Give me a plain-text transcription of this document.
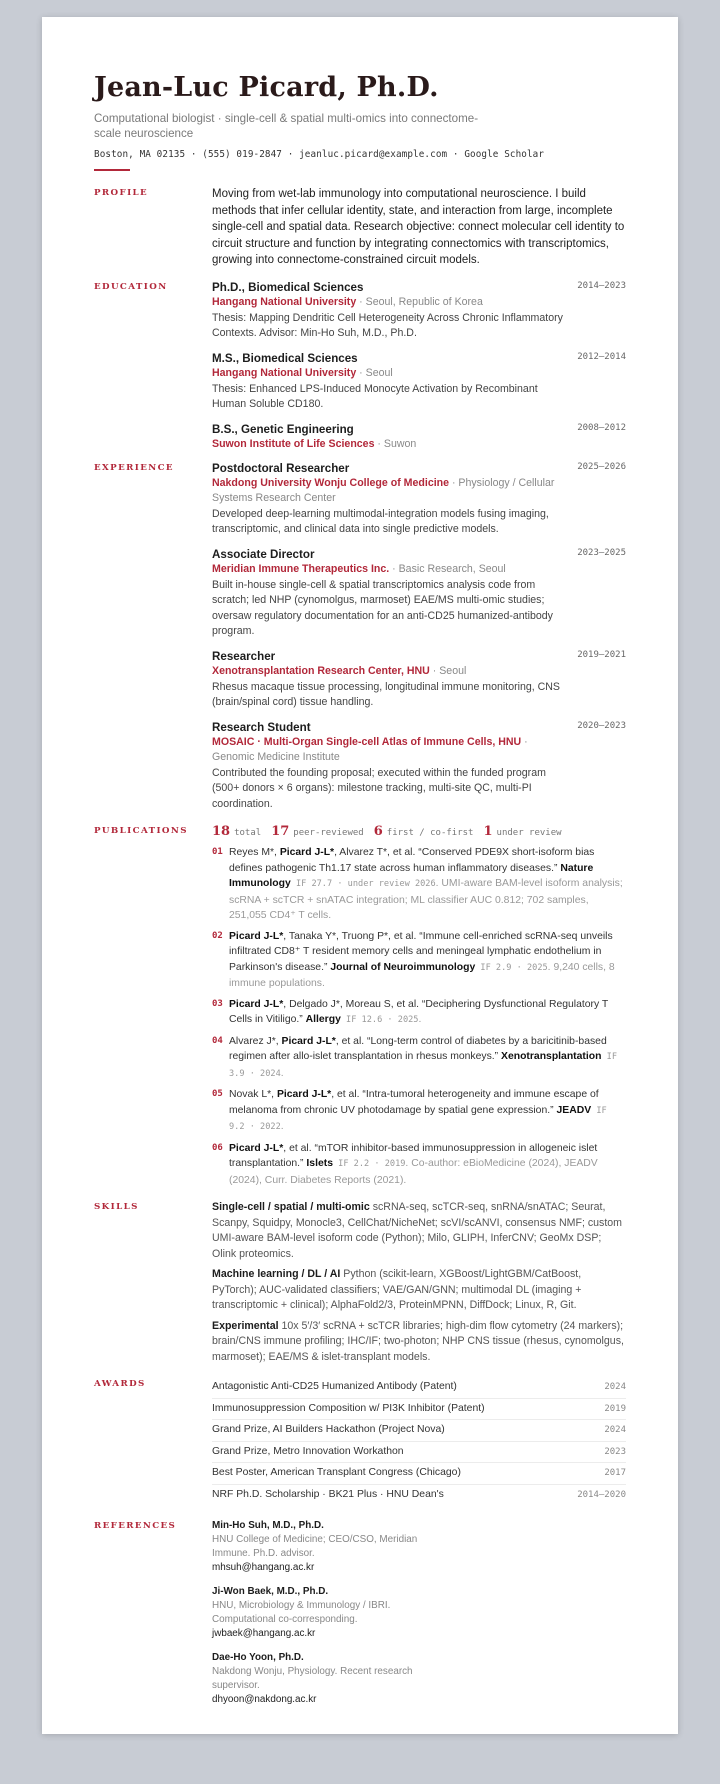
Jean-Luc Picard, Ph.D.
Computational biologist · single-cell & spatial multi-omics into connectome-scale neuroscience
Boston, MA 02135 · (555) 019-2847 · jeanluc.picard@example.com · Google Scholar
PROFILE	Moving from wet-lab immunology into computational neuroscience. I build methods that infer cellular identity, state, and interaction from large, incomplete single-cell and spatial data. Research objective: connect molecular cell identity to circuit structure and function by integrating connectomics with transcriptomics, growing into connectome-constrained circuit models.

EDUCATION	Ph.D., Biomedical Sciences	2014–2023
Hangang National University · Seoul, Republic of Korea
Thesis: Mapping Dendritic Cell Heterogeneity Across Chronic Inflammatory Contexts. Advisor: Min-Ho Suh, M.D., Ph.D.
M.S., Biomedical Sciences	2012–2014
Hangang National University · Seoul
Thesis: Enhanced LPS-Induced Monocyte Activation by Recombinant Human Soluble CD180.
B.S., Genetic Engineering	2008–2012
Suwon Institute of Life Sciences · Suwon
EXPERIENCE	Postdoctoral Researcher	2025–2026
Nakdong University Wonju College of Medicine · Physiology / Cellular Systems Research Center
Developed deep-learning multimodal-integration models fusing imaging, transcriptomic, and clinical data into single predictive models.
Associate Director	2023–2025
Meridian Immune Therapeutics Inc. · Basic Research, Seoul
Built in-house single-cell & spatial transcriptomics analysis code from scratch; led NHP (cynomolgus, marmoset) EAE/MS multi-omic studies; oversaw regulatory documentation for an anti-CD25 humanized-antibody program.
Researcher	2019–2021
Xenotransplantation Research Center, HNU · Seoul
Rhesus macaque tissue processing, longitudinal immune monitoring, CNS (brain/spinal cord) tissue handling.
Research Student	2020–2023
MOSAIC · Multi-Organ Single-cell Atlas of Immune Cells, HNU · Genomic Medicine Institute
Contributed the founding proposal; executed within the funded program (500+ donors × 6 organs): milestone tracking, multi-site QC, multi-PI coordination.
PUBLICATIONS 18 total 17 peer-reviewed 6 first / co-first 1 under review
01 Reyes M*, Picard J-L*, Alvarez T*, et al. “Conserved PDE9X short-isoform bias defines pathogenic Th1.17 state across human inflammatory diseases.” Nature Immunology IF 27.7 · under review 2026. UMI-aware BAM-level isoform analysis; scRNA + scTCR + snATAC integration; ML classifier AUC 0.812; 702 samples, 251,055 CD4⁺ T cells.
02 Picard J-L*, Tanaka Y*, Truong P*, et al. “Immune cell-enriched scRNA-seq unveils infiltrated CD8⁺ T resident memory cells and meningeal lymphatic endothelium in Parkinson's disease.” Journal of Neuroimmunology IF 2.9 · 2025. 9,240 cells, 8 immune populations.
03 Picard J-L*, Delgado J*, Moreau S, et al. “Deciphering Dysfunctional Regulatory T Cells in Vitiligo.” Allergy IF 12.6 · 2025.
04 Alvarez J*, Picard J-L*, et al. “Long-term control of diabetes by a baricitinib-based regimen after allo-islet transplantation in rhesus monkeys.” Xenotransplantation IF 3.9 · 2024.
05 Novak L*, Picard J-L*, et al. “Intra-tumoral heterogeneity and immune escape of melanoma from chronic UV photodamage by spatial gene expression.” JEADV IF 9.2 · 2022.
06 Picard J-L*, et al. “mTOR inhibitor-based immunosuppression in allogeneic islet transplantation.” Islets IF 2.2 · 2019. Co-author: eBioMedicine (2024), JEADV (2024), Curr. Diabetes Reports (2021).
SKILLS	Single-cell / spatial / multi-omic scRNA-seq, scTCR-seq, snRNA/snATAC; Seurat, Scanpy, Squidpy, Monocle3, CellChat/NicheNet; scVI/scANVI, consensus NMF; custom UMI-aware BAM-level isoform code (Python); Milo, GLIPH, InferCNV; GeoMx DSP; Olink proteomics.
Machine learning / DL / AI Python (scikit-learn, XGBoost/LightGBM/CatBoost, PyTorch); AUC-validated classifiers; VAE/GAN/GNN; multimodal DL (imaging + transcriptomic + clinical); AlphaFold2/3, ProteinMPNN, DiffDock; Linux, R, Git.
Experimental 10x 5′/3′ scRNA + scTCR libraries; high-dim flow cytometry (24 markers); brain/CNS immune profiling; IHC/IF; two-photon; NHP CNS tissue (rhesus, cynomolgus, marmoset); EAE/MS & islet-transplant models.
AWARDS	Antagonistic Anti-CD25 Humanized Antibody (Patent)	2024
Immunosuppression Composition w/ PI3K Inhibitor (Patent)	2019
Grand Prize, AI Builders Hackathon (Project Nova)	2024
Grand Prize, Metro Innovation Workathon	2023
Best Poster, American Transplant Congress (Chicago)	2017
NRF Ph.D. Scholarship · BK21 Plus · HNU Dean's	2014–2020
REFERENCES	Min-Ho Suh, M.D., Ph.D.
HNU College of Medicine; CEO/CSO, Meridian Immune. Ph.D. advisor.
mhsuh@hangang.ac.kr
Ji-Won Baek, M.D., Ph.D.
HNU, Microbiology & Immunology / IBRI. Computational co-corresponding.
jwbaek@hangang.ac.kr
Dae-Ho Yoon, Ph.D.
Nakdong Wonju, Physiology. Recent research supervisor.
dhyoon@nakdong.ac.kr
